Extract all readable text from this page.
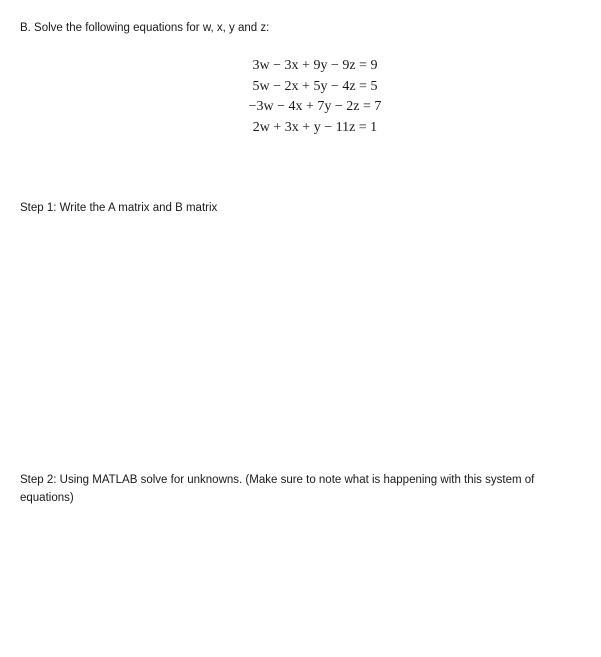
B. Solve the following equations for w, x, y and z:
3w − 3x + 9y − 9z = 9
5w − 2x + 5y − 4z = 5
−3w − 4x + 7y − 2z = 7
2w + 3x + y − 11z = 1
Step 1: Write the A matrix and B matrix
Step 2: Using MATLAB solve for unknowns. (Make sure to note what is happening with this system of equations)
